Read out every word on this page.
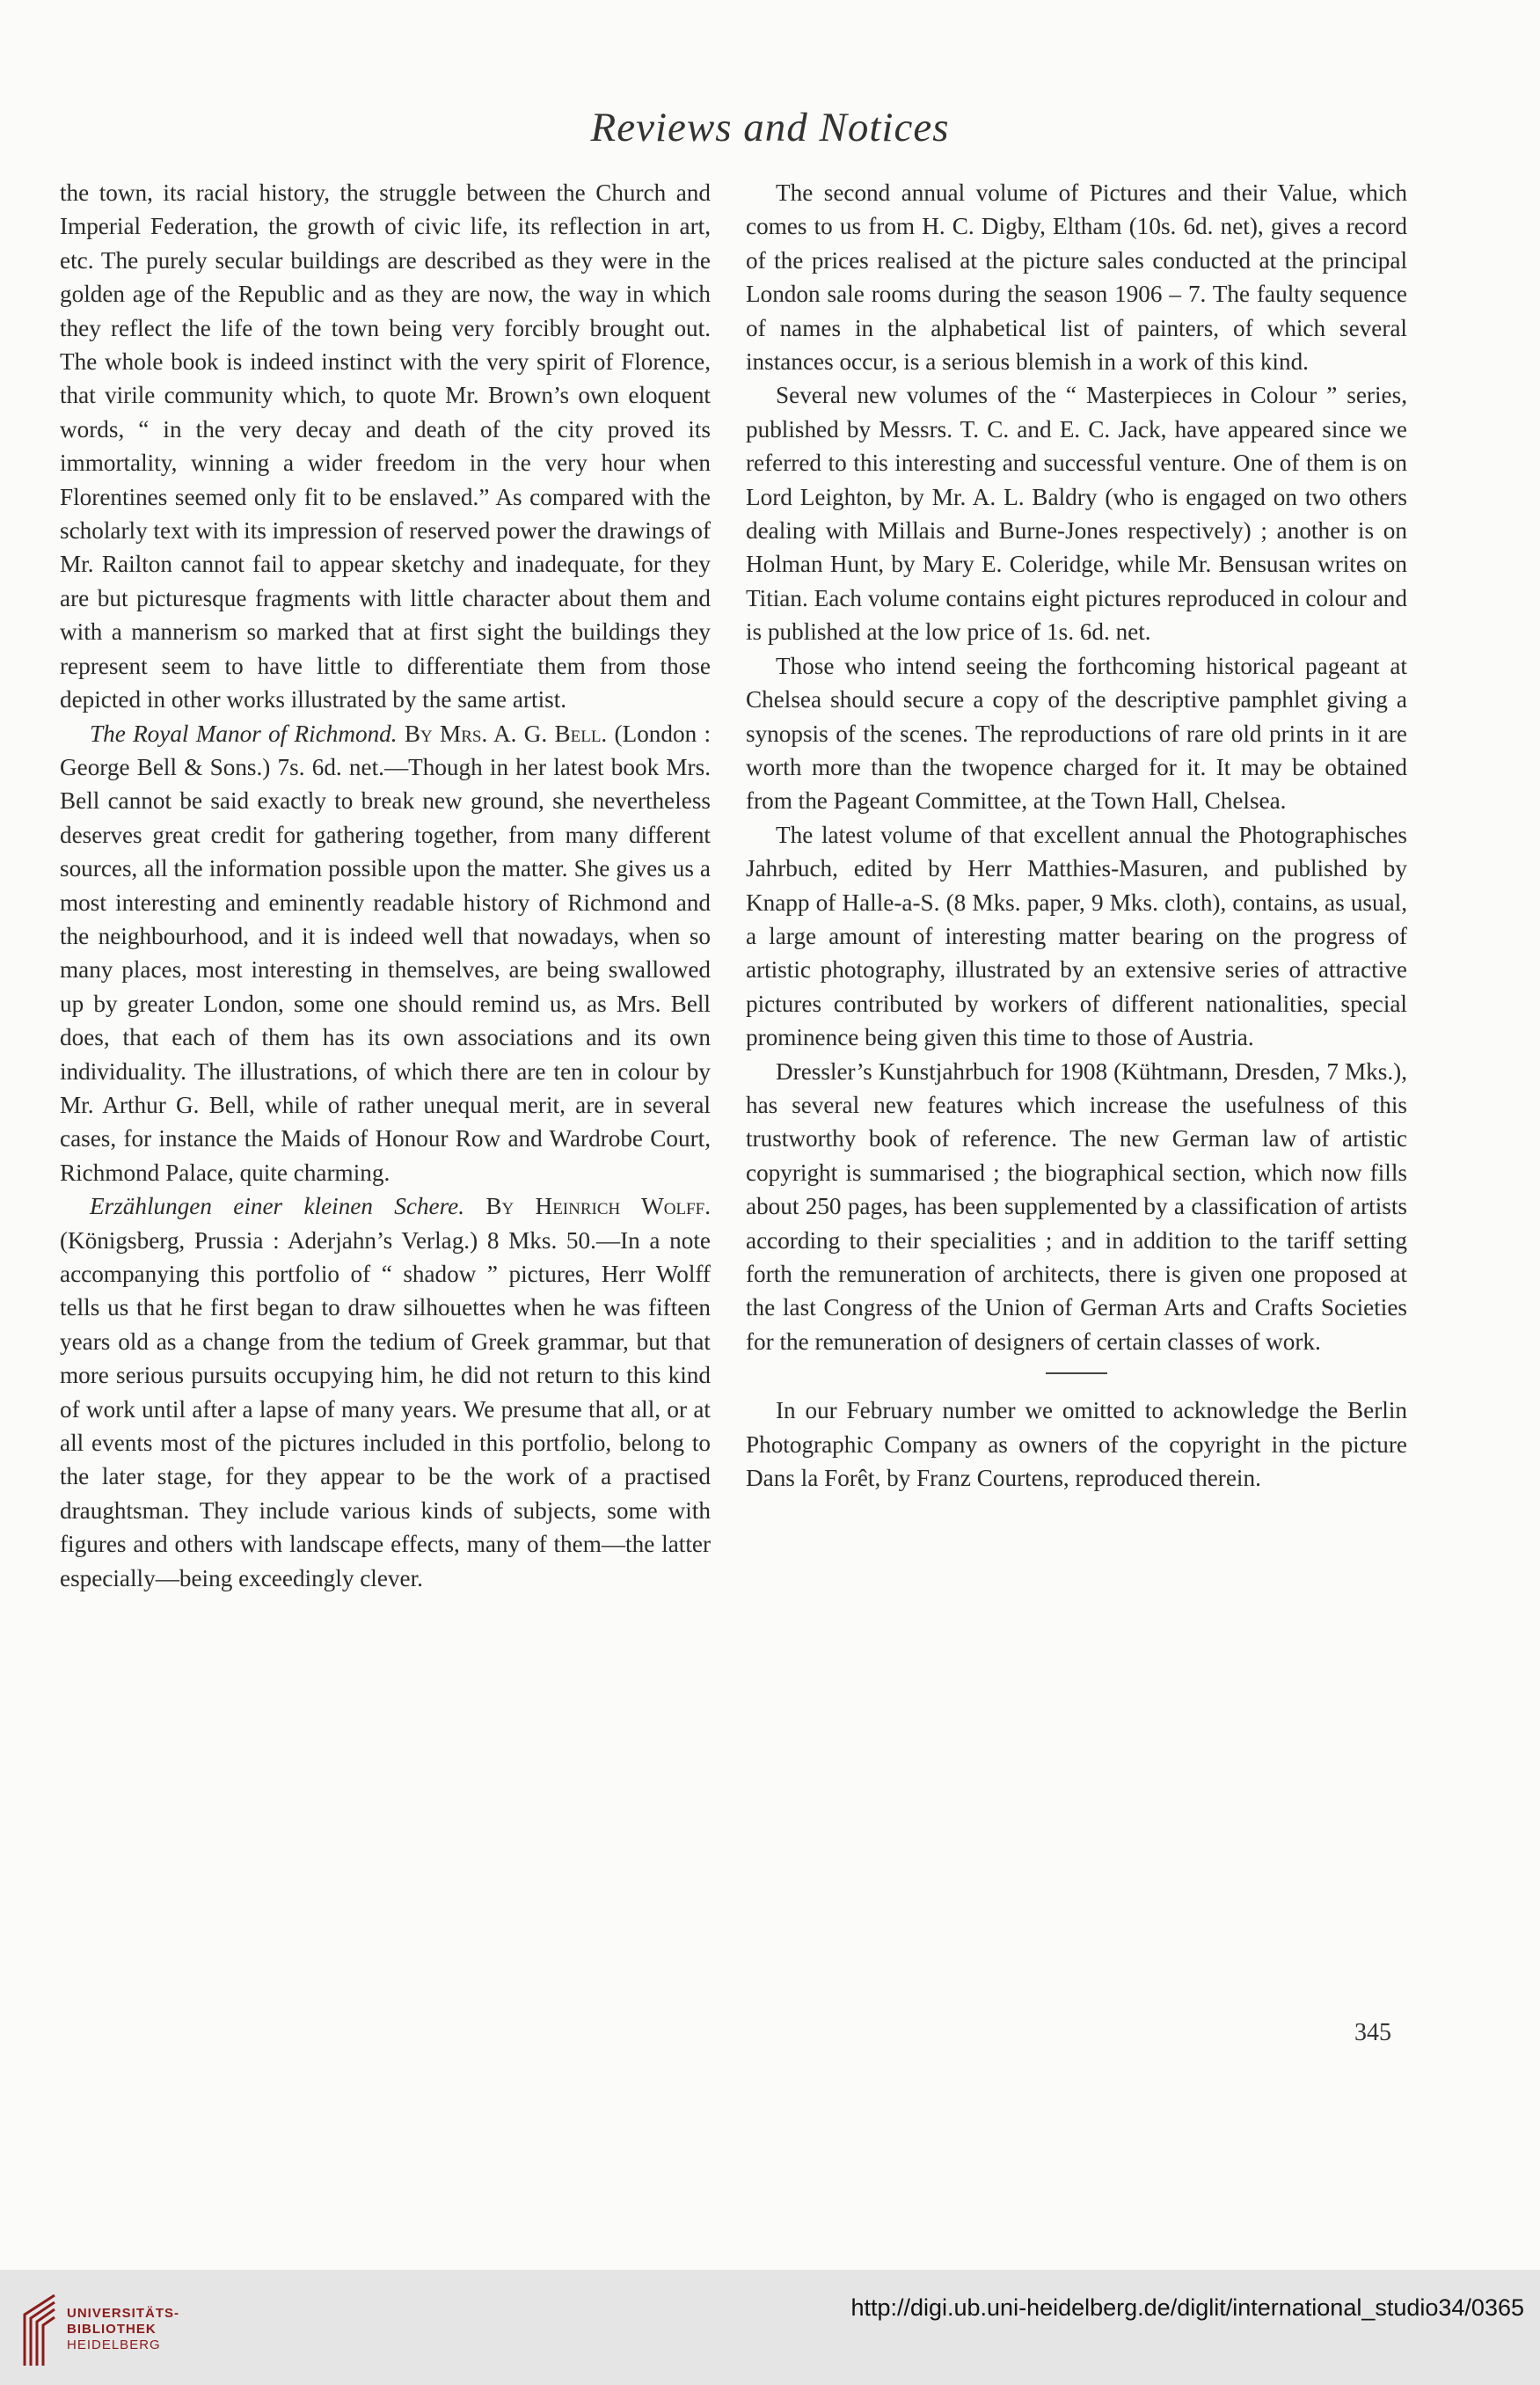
Reviews and Notices

the town, its racial history, the struggle between the Church and Imperial Federation, the growth of civic life, its reflection in art, etc. The purely secular buildings are described as they were in the golden age of the Republic and as they are now, the way in which they reflect the life of the town being very forcibly brought out. The whole book is indeed instinct with the very spirit of Florence, that virile community which, to quote Mr. Brown’s own eloquent words, “ in the very decay and death of the city proved its immortality, winning a wider freedom in the very hour when Florentines seemed only fit to be enslaved.” As compared with the scholarly text with its impression of reserved power the drawings of Mr. Railton cannot fail to appear sketchy and inadequate, for they are but picturesque fragments with little character about them and with a mannerism so marked that at first sight the buildings they represent seem to have little to differentiate them from those depicted in other works illustrated by the same artist.

The Royal Manor of Richmond. By Mrs. A. G. Bell. (London : George Bell & Sons.) 7s. 6d. net.—Though in her latest book Mrs. Bell cannot be said exactly to break new ground, she nevertheless deserves great credit for gathering together, from many different sources, all the information possible upon the matter. She gives us a most interesting and eminently readable history of Richmond and the neighbourhood, and it is indeed well that nowadays, when so many places, most interesting in themselves, are being swallowed up by greater London, some one should remind us, as Mrs. Bell does, that each of them has its own associations and its own individuality. The illustrations, of which there are ten in colour by Mr. Arthur G. Bell, while of rather unequal merit, are in several cases, for instance the Maids of Honour Row and Wardrobe Court, Richmond Palace, quite charming.

Erzählungen einer kleinen Schere. By Heinrich Wolff. (Königsberg, Prussia : Aderjahn’s Verlag.) 8 Mks. 50.—In a note accompanying this portfolio of “ shadow ” pictures, Herr Wolff tells us that he first began to draw silhouettes when he was fifteen years old as a change from the tedium of Greek grammar, but that more serious pursuits occupying him, he did not return to this kind of work until after a lapse of many years. We presume that all, or at all events most of the pictures included in this portfolio, belong to the later stage, for they appear to be the work of a practised draughtsman. They include various kinds of subjects, some with figures and others with landscape effects, many of them—the latter especially—being exceedingly clever.

The second annual volume of Pictures and their Value, which comes to us from H. C. Digby, Eltham (10s. 6d. net), gives a record of the prices realised at the picture sales conducted at the principal London sale rooms during the season 1906 – 7. The faulty sequence of names in the alphabetical list of painters, of which several instances occur, is a serious blemish in a work of this kind.

Several new volumes of the “ Masterpieces in Colour ” series, published by Messrs. T. C. and E. C. Jack, have appeared since we referred to this interesting and successful venture. One of them is on Lord Leighton, by Mr. A. L. Baldry (who is engaged on two others dealing with Millais and Burne-Jones respectively) ; another is on Holman Hunt, by Mary E. Coleridge, while Mr. Bensusan writes on Titian. Each volume contains eight pictures reproduced in colour and is published at the low price of 1s. 6d. net.

Those who intend seeing the forthcoming historical pageant at Chelsea should secure a copy of the descriptive pamphlet giving a synopsis of the scenes. The reproductions of rare old prints in it are worth more than the twopence charged for it. It may be obtained from the Pageant Committee, at the Town Hall, Chelsea.

The latest volume of that excellent annual the Photographisches Jahrbuch, edited by Herr Matthies-Masuren, and published by Knapp of Halle-a-S. (8 Mks. paper, 9 Mks. cloth), contains, as usual, a large amount of interesting matter bearing on the progress of artistic photography, illustrated by an extensive series of attractive pictures contributed by workers of different nationalities, special prominence being given this time to those of Austria.

Dressler’s Kunstjahrbuch for 1908 (Kühtmann, Dresden, 7 Mks.), has several new features which increase the usefulness of this trustworthy book of reference. The new German law of artistic copyright is summarised ; the biographical section, which now fills about 250 pages, has been supplemented by a classification of artists according to their specialities ; and in addition to the tariff setting forth the remuneration of architects, there is given one proposed at the last Congress of the Union of German Arts and Crafts Societies for the remuneration of designers of certain classes of work.

In our February number we omitted to acknowledge the Berlin Photographic Company as owners of the copyright in the picture Dans la Forêt, by Franz Courtens, reproduced therein.

345
UNIVERSITÄTS-
BIBLIOTHEK
HEIDELBERG
http://digi.ub.uni-heidelberg.de/diglit/international_studio34/0365
